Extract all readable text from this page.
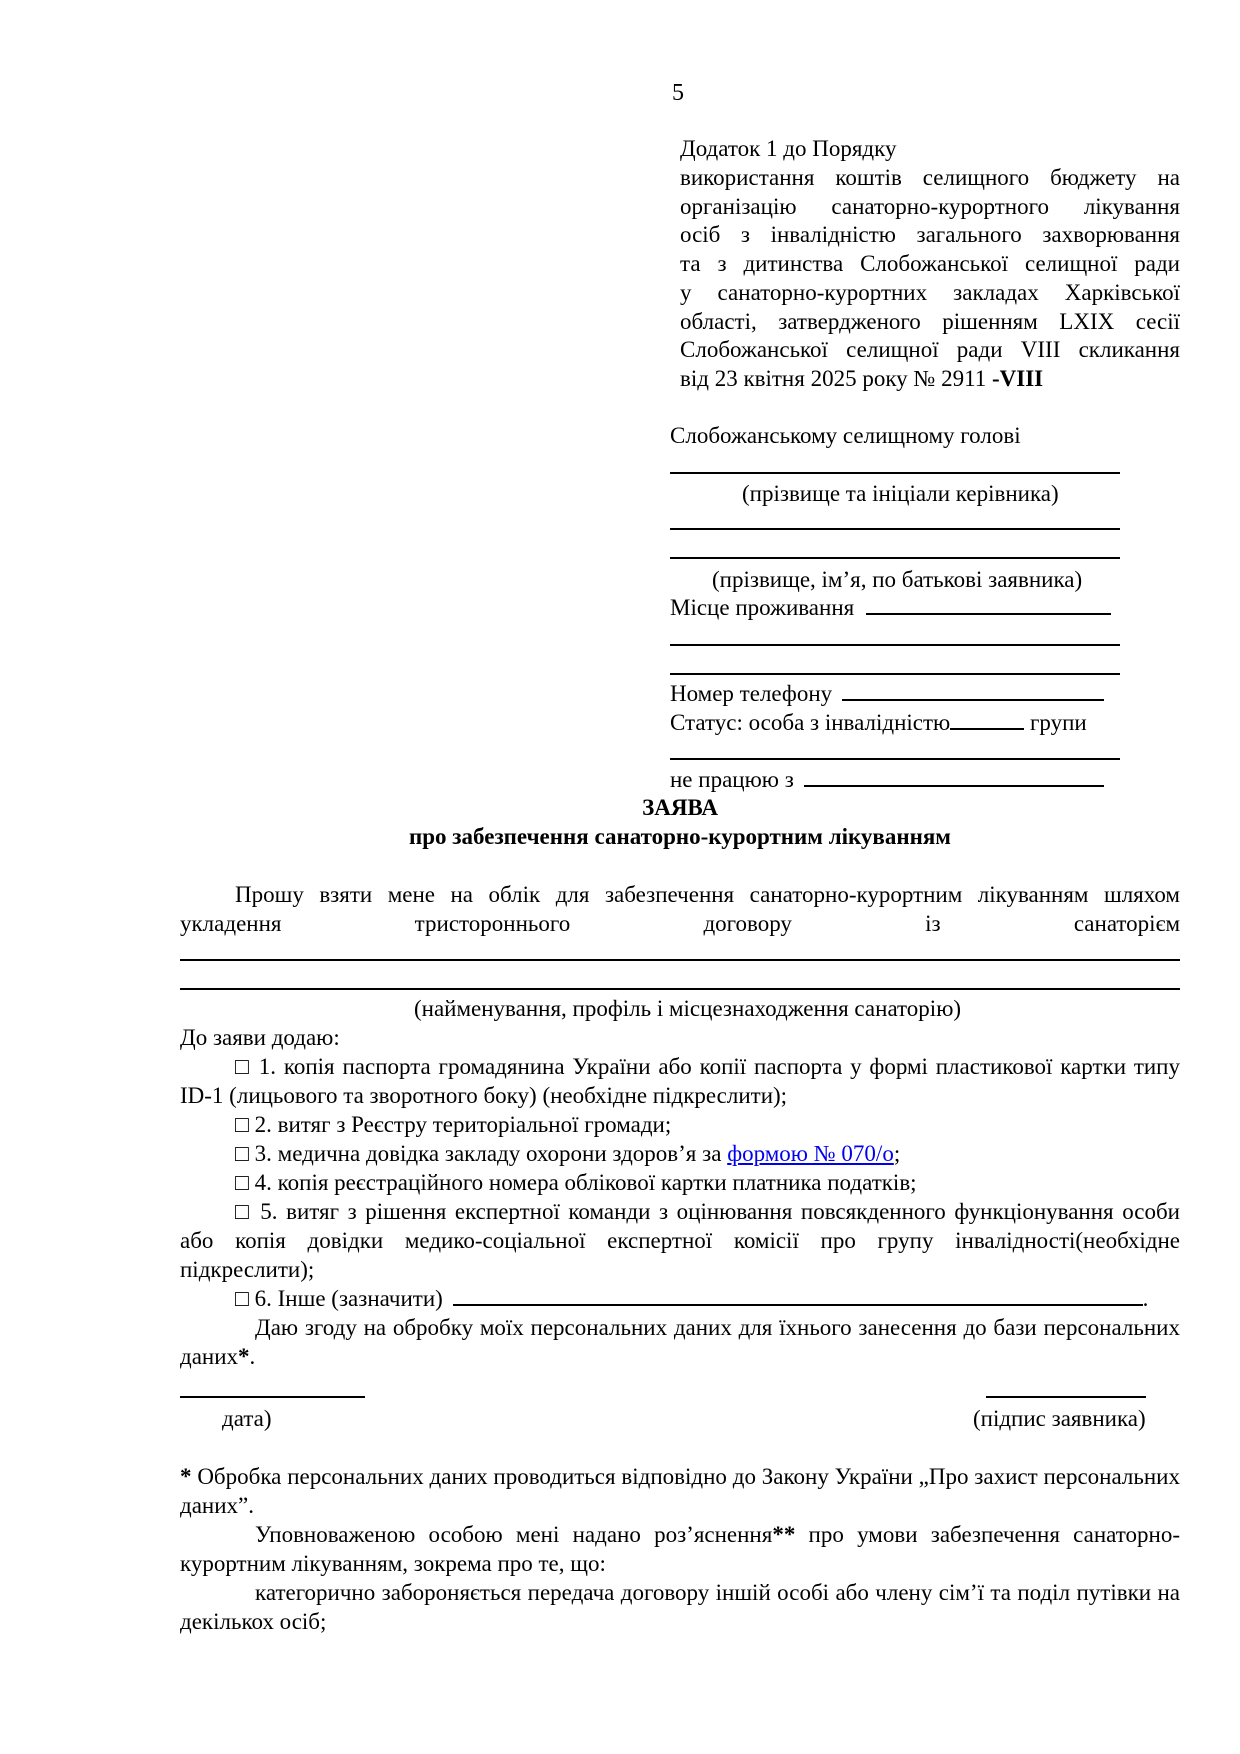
5
Додаток 1 до Порядку
використання коштів селищного бюджету на
організацію санаторно-курортного лікування
осіб з інвалідністю загального захворювання
та з дитинства Слобожанської селищної ради
у санаторно-курортних закладах Харківської
області, затвердженого рішенням LXIX сесії
Слобожанської селищної ради VIII скликання
від 23 квітня 2025 року № 2911 -VIII
Слобожанському селищному голові
(прізвище та ініціали керівника)
(прізвище, ім’я, по батькові заявника)
Місце проживання
Номер телефону
Статус: особа з інвалідністю	групи
не працюю з
ЗАЯВА
про забезпечення санаторно-курортним лікуванням
Прошу взяти мене на облік для забезпечення санаторно-курортним лікуванням шляхом
укладення тристороннього договору із санаторієм
(найменування, профіль і місцезнаходження санаторію)
До заяви додаю:
□ 1. копія паспорта громадянина України або копії паспорта у формі пластикової картки типу ID-1 (лицьового та зворотного боку) (необхідне підкреслити);
□ 2. витяг з Реєстру територіальної громади;
□ 3. медична довідка закладу охорони здоров’я за формою № 070/о;
□ 4. копія реєстраційного номера облікової картки платника податків;
□ 5. витяг з рішення експертної команди з оцінювання повсякденного функціонування особи або копія довідки медико-соціальної експертної комісії про групу інвалідності(необхідне підкреслити);
□ 6. Інше (зазначити)	.
Даю згоду на обробку моїх персональних даних для їхнього занесення до бази персональних даних*.
дата)	(підпис заявника)
* Обробка персональних даних проводиться відповідно до Закону України „Про захист персональних даних”.
Уповноваженою особою мені надано роз’яснення** про умови забезпечення санаторно-курортним лікуванням, зокрема про те, що:
категорично забороняється передача договору іншій особі або члену сім’ї та поділ путівки на декількох осіб;
